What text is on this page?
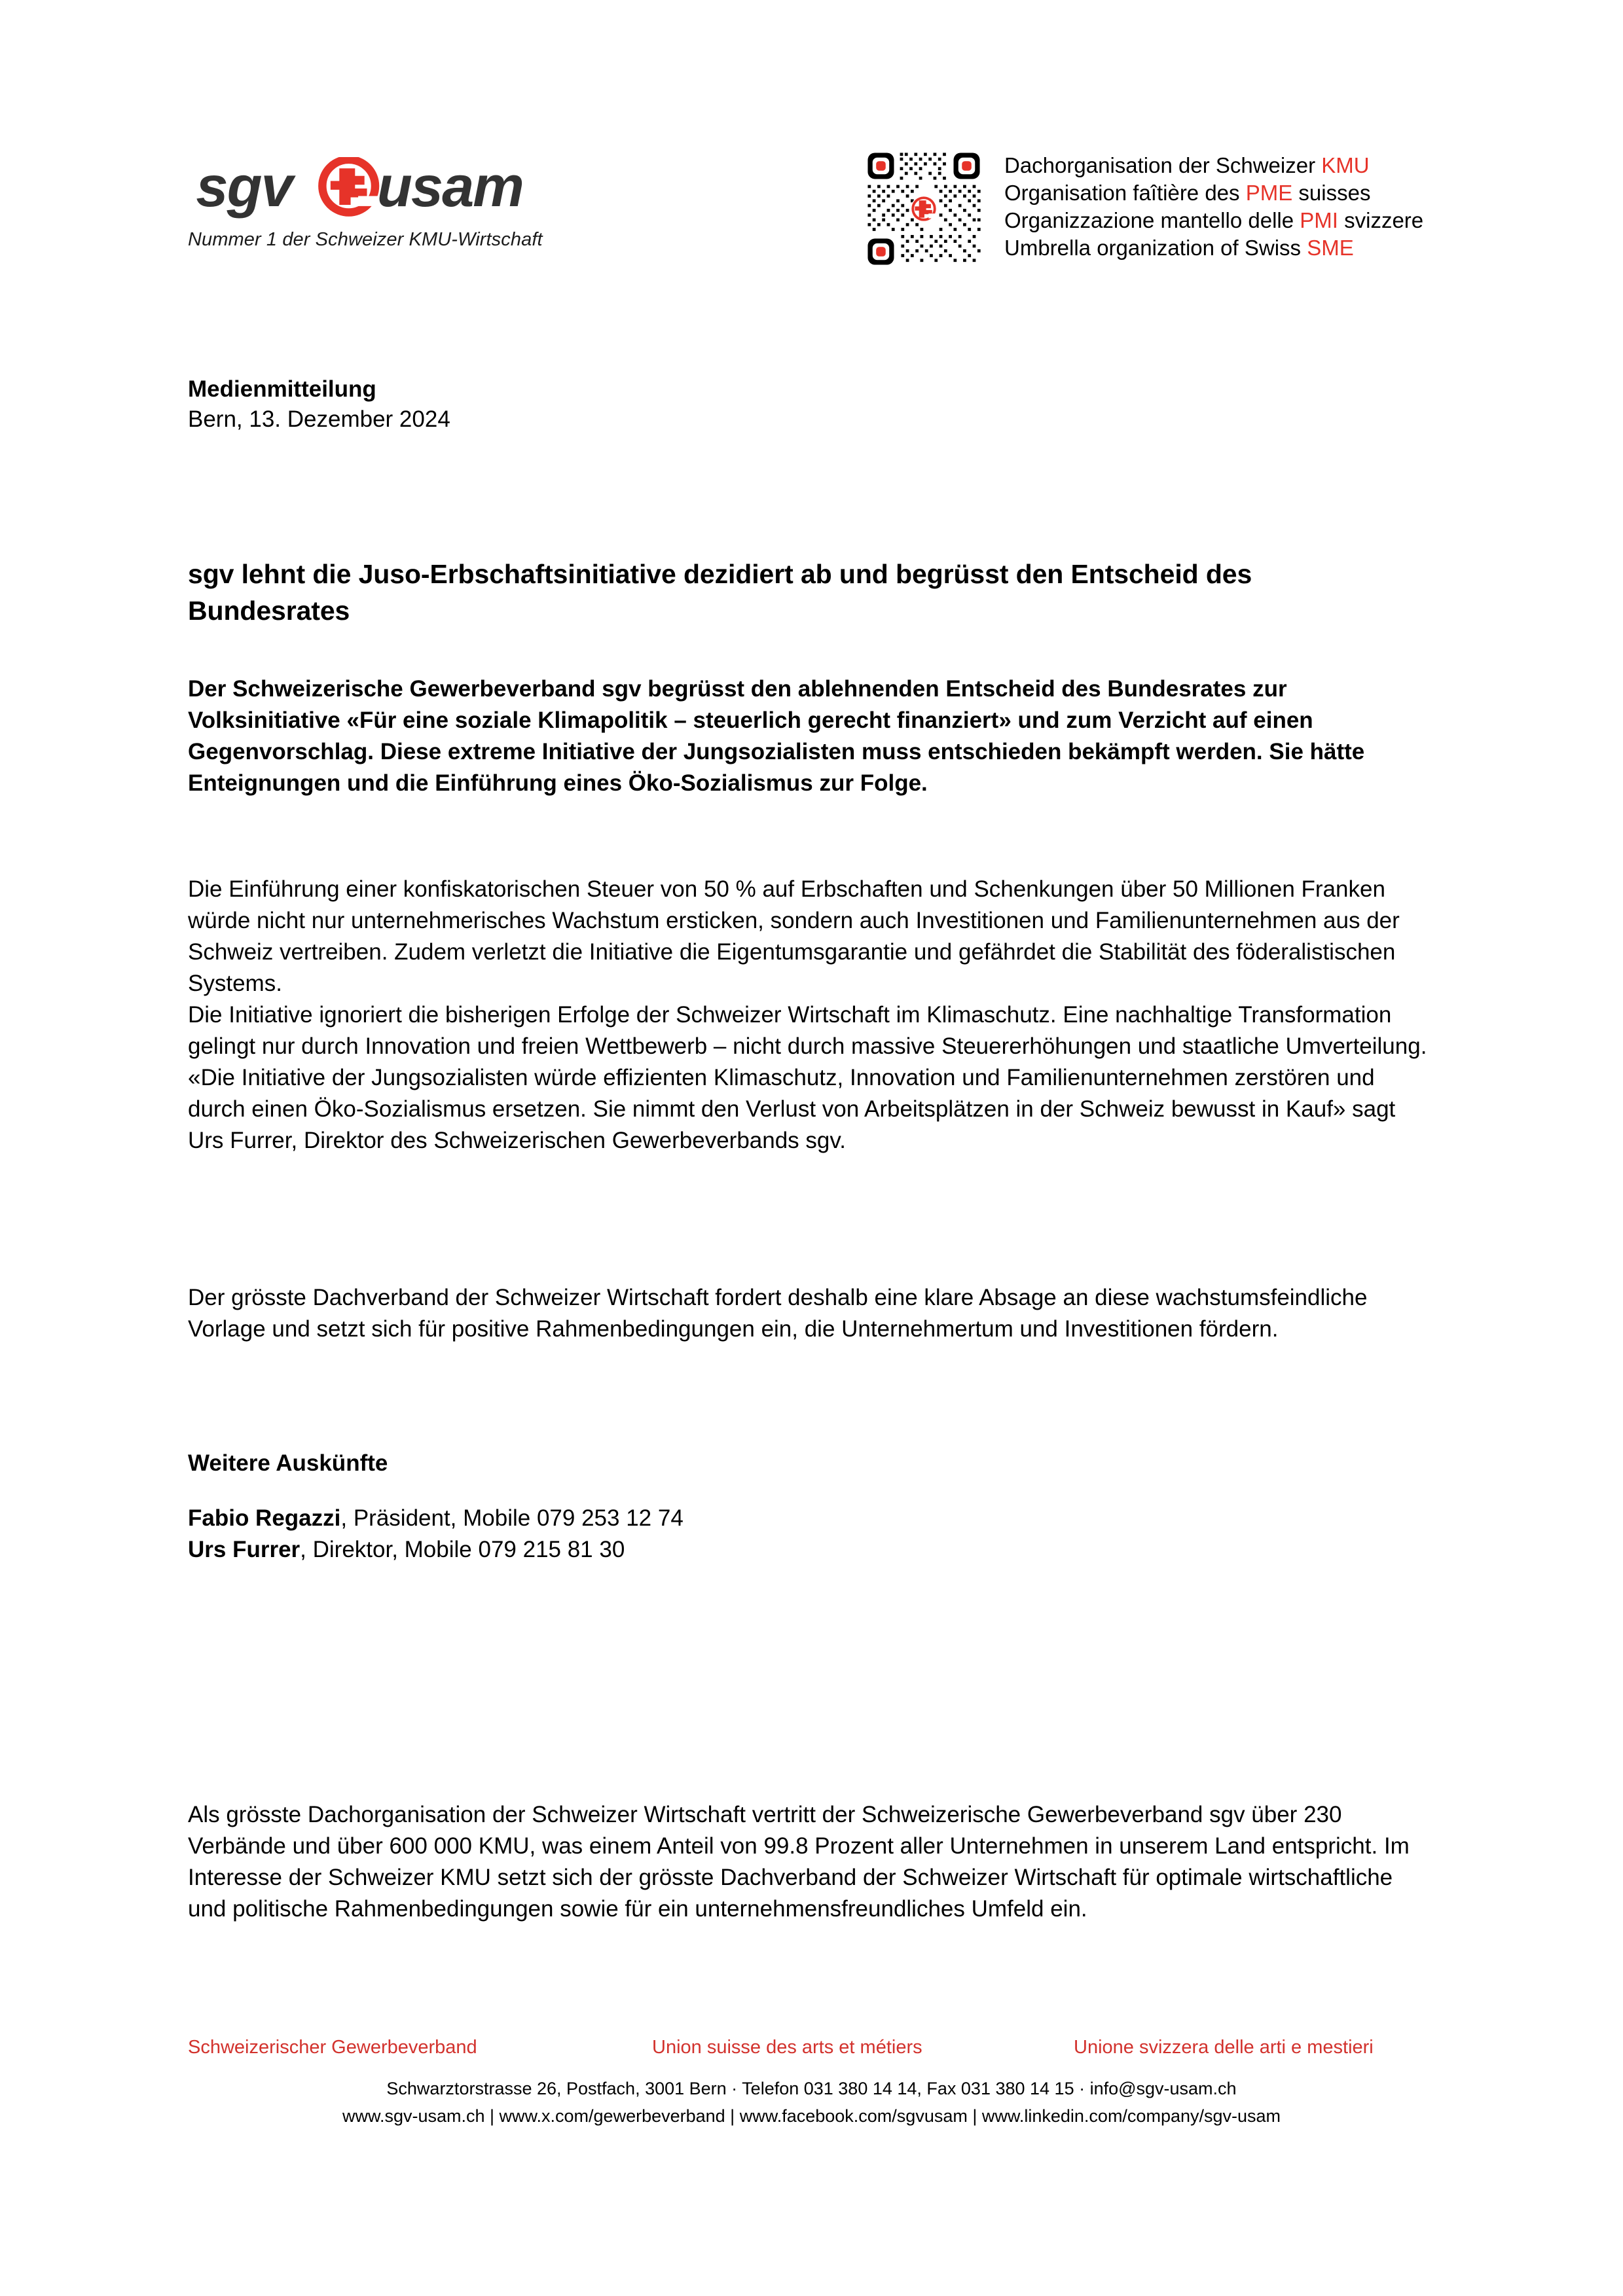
sgv usam
Nummer 1 der Schweizer KMU-Wirtschaft
Dachorganisation der Schweizer KMU
Organisation faîtière des PME suisses
Organizzazione mantello delle PMI svizzere
Umbrella organization of Swiss SME
Medienmitteilung
Bern, 13. Dezember 2024
sgv lehnt die Juso-Erbschaftsinitiative dezidiert ab und begrüsst den Entscheid des Bundesrates

Der Schweizerische Gewerbeverband sgv begrüsst den ablehnenden Entscheid des Bundesrates zur Volksinitiative «Für eine soziale Klimapolitik – steuerlich gerecht finanziert» und zum Verzicht auf einen Gegenvorschlag. Diese extreme Initiative der Jungsozialisten muss entschieden bekämpft werden. Sie hätte Enteignungen und die Einführung eines Öko-Sozialismus zur Folge.

Die Einführung einer konfiskatorischen Steuer von 50 % auf Erbschaften und Schenkungen über 50 Millionen Franken würde nicht nur unternehmerisches Wachstum ersticken, sondern auch Investitionen und Familienunternehmen aus der Schweiz vertreiben. Zudem verletzt die Initiative die Eigentumsgarantie und gefährdet die Stabilität des föderalistischen Systems.

Die Initiative ignoriert die bisherigen Erfolge der Schweizer Wirtschaft im Klimaschutz. Eine nachhaltige Transformation gelingt nur durch Innovation und freien Wettbewerb – nicht durch massive Steuererhöhungen und staatliche Umverteilung. «Die Initiative der Jungsozialisten würde effizienten Klimaschutz, Innovation und Familienunternehmen zerstören und durch einen Öko-Sozialismus ersetzen. Sie nimmt den Verlust von Arbeitsplätzen in der Schweiz bewusst in Kauf» sagt Urs Furrer, Direktor des Schweizerischen Gewerbeverbands sgv.

Der grösste Dachverband der Schweizer Wirtschaft fordert deshalb eine klare Absage an diese wachstumsfeindliche Vorlage und setzt sich für positive Rahmenbedingungen ein, die Unternehmertum und Investitionen fördern.

Weitere Auskünfte
Fabio Regazzi, Präsident, Mobile 079 253 12 74
Urs Furrer, Direktor, Mobile 079 215 81 30

Als grösste Dachorganisation der Schweizer Wirtschaft vertritt der Schweizerische Gewerbeverband sgv über 230 Verbände und über 600 000 KMU, was einem Anteil von 99.8 Prozent aller Unternehmen in unserem Land entspricht. Im Interesse der Schweizer KMU setzt sich der grösste Dachverband der Schweizer Wirtschaft für optimale wirtschaftliche und politische Rahmenbedingungen sowie für ein unternehmensfreundliches Umfeld ein.

Schweizerischer Gewerbeverband	Union suisse des arts et métiers	Unione svizzera delle arti e mestieri
Schwarztorstrasse 26, Postfach, 3001 Bern · Telefon 031 380 14 14, Fax 031 380 14 15 · info@sgv-usam.ch
www.sgv-usam.ch | www.x.com/gewerbeverband | www.facebook.com/sgvusam | www.linkedin.com/company/sgv-usam
